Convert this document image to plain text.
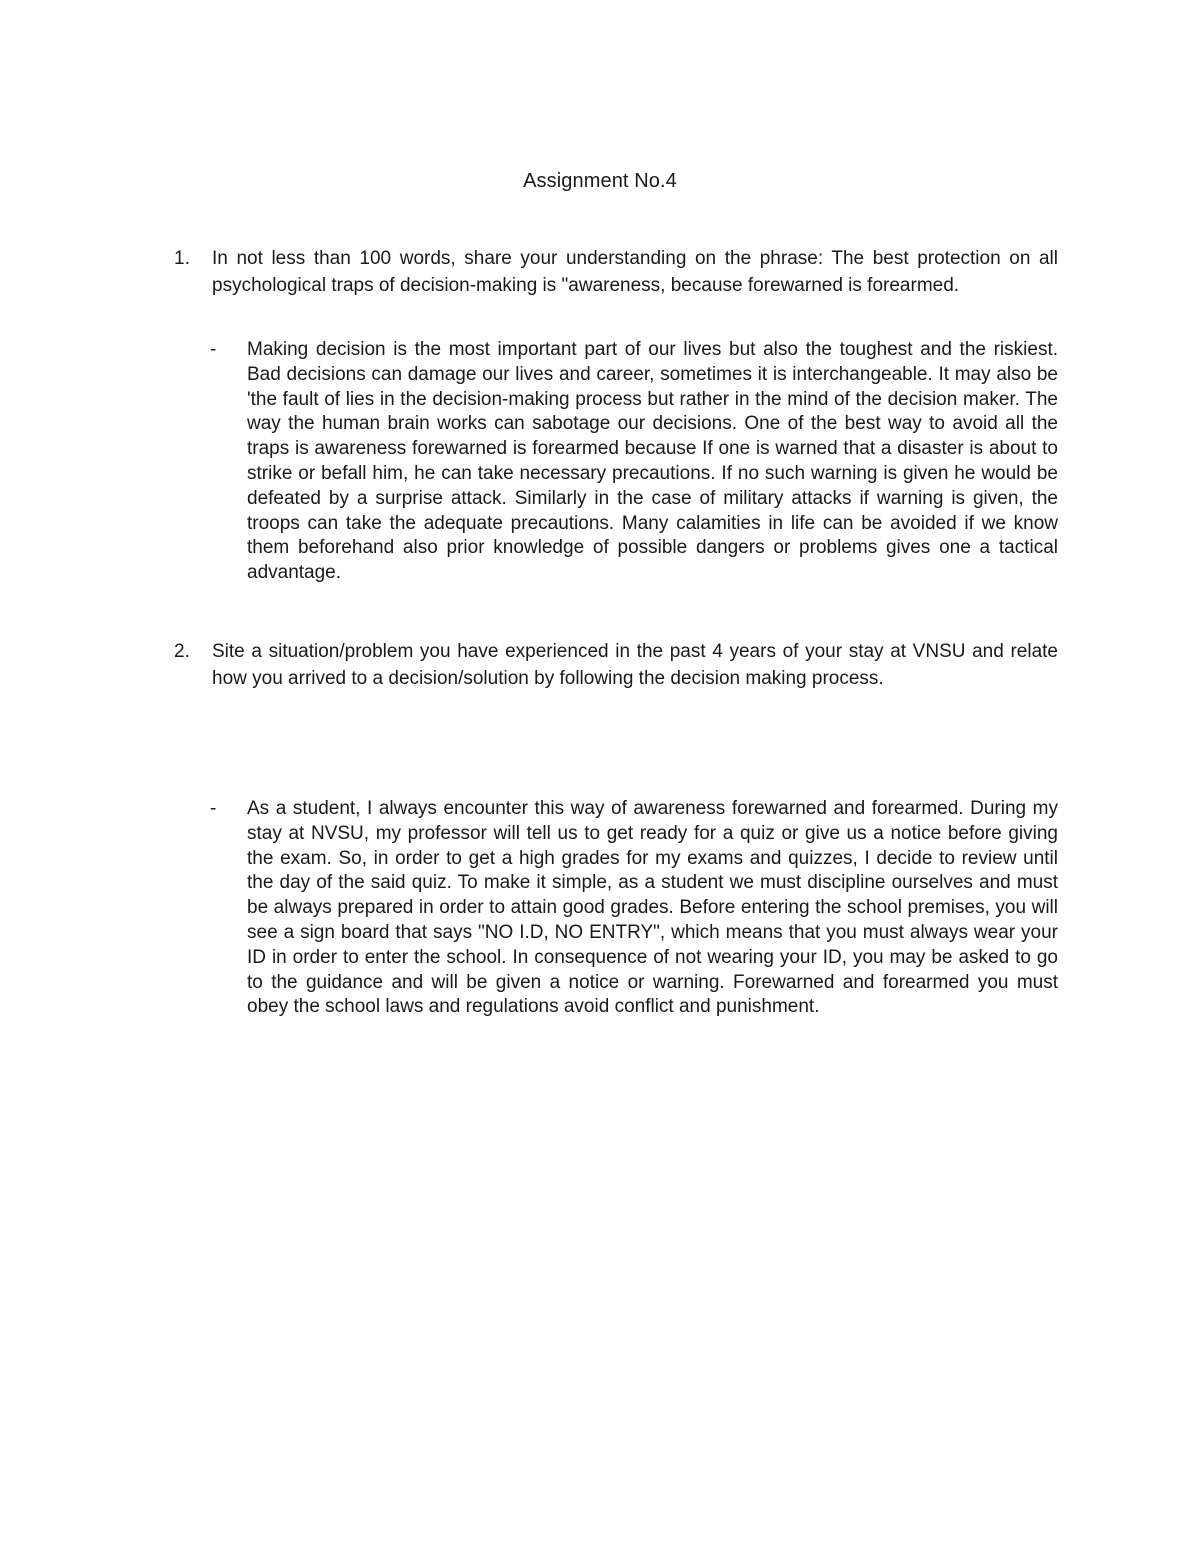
Assignment No.4
1.	In not less than 100 words, share your understanding on the phrase: The best protection on all psychological traps of decision-making is "awareness, because forewarned is forearmed.
-	Making decision is the most important part of our lives but also the toughest and the riskiest. Bad decisions can damage our lives and career, sometimes it is interchangeable. It may also be 'the fault of lies in the decision-making process but rather in the mind of the decision maker. The way the human brain works can sabotage our decisions. One of the best way to avoid all the traps is awareness forewarned is forearmed because If one is warned that a disaster is about to strike or befall him, he can take necessary precautions. If no such warning is given he would be defeated by a surprise attack. Similarly in the case of military attacks if warning is given, the troops can take the adequate precautions. Many calamities in life can be avoided if we know them beforehand also prior knowledge of possible dangers or problems gives one a tactical advantage.
2.	Site a situation/problem you have experienced in the past 4 years of your stay at VNSU and relate how you arrived to a decision/solution by following the decision making process.
-	As a student, I always encounter this way of awareness forewarned and forearmed. During my stay at NVSU, my professor will tell us to get ready for a quiz or give us a notice before giving the exam. So, in order to get a high grades for my exams and quizzes, I decide to review until the day of the said quiz. To make it simple, as a student we must discipline ourselves and must be always prepared in order to attain good grades. Before entering the school premises, you will see a sign board that says "NO I.D, NO ENTRY", which means that you must always wear your ID in order to enter the school. In consequence of not wearing your ID, you may be asked to go to the guidance and will be given a notice or warning. Forewarned and forearmed you must obey the school laws and regulations avoid conflict and punishment.
